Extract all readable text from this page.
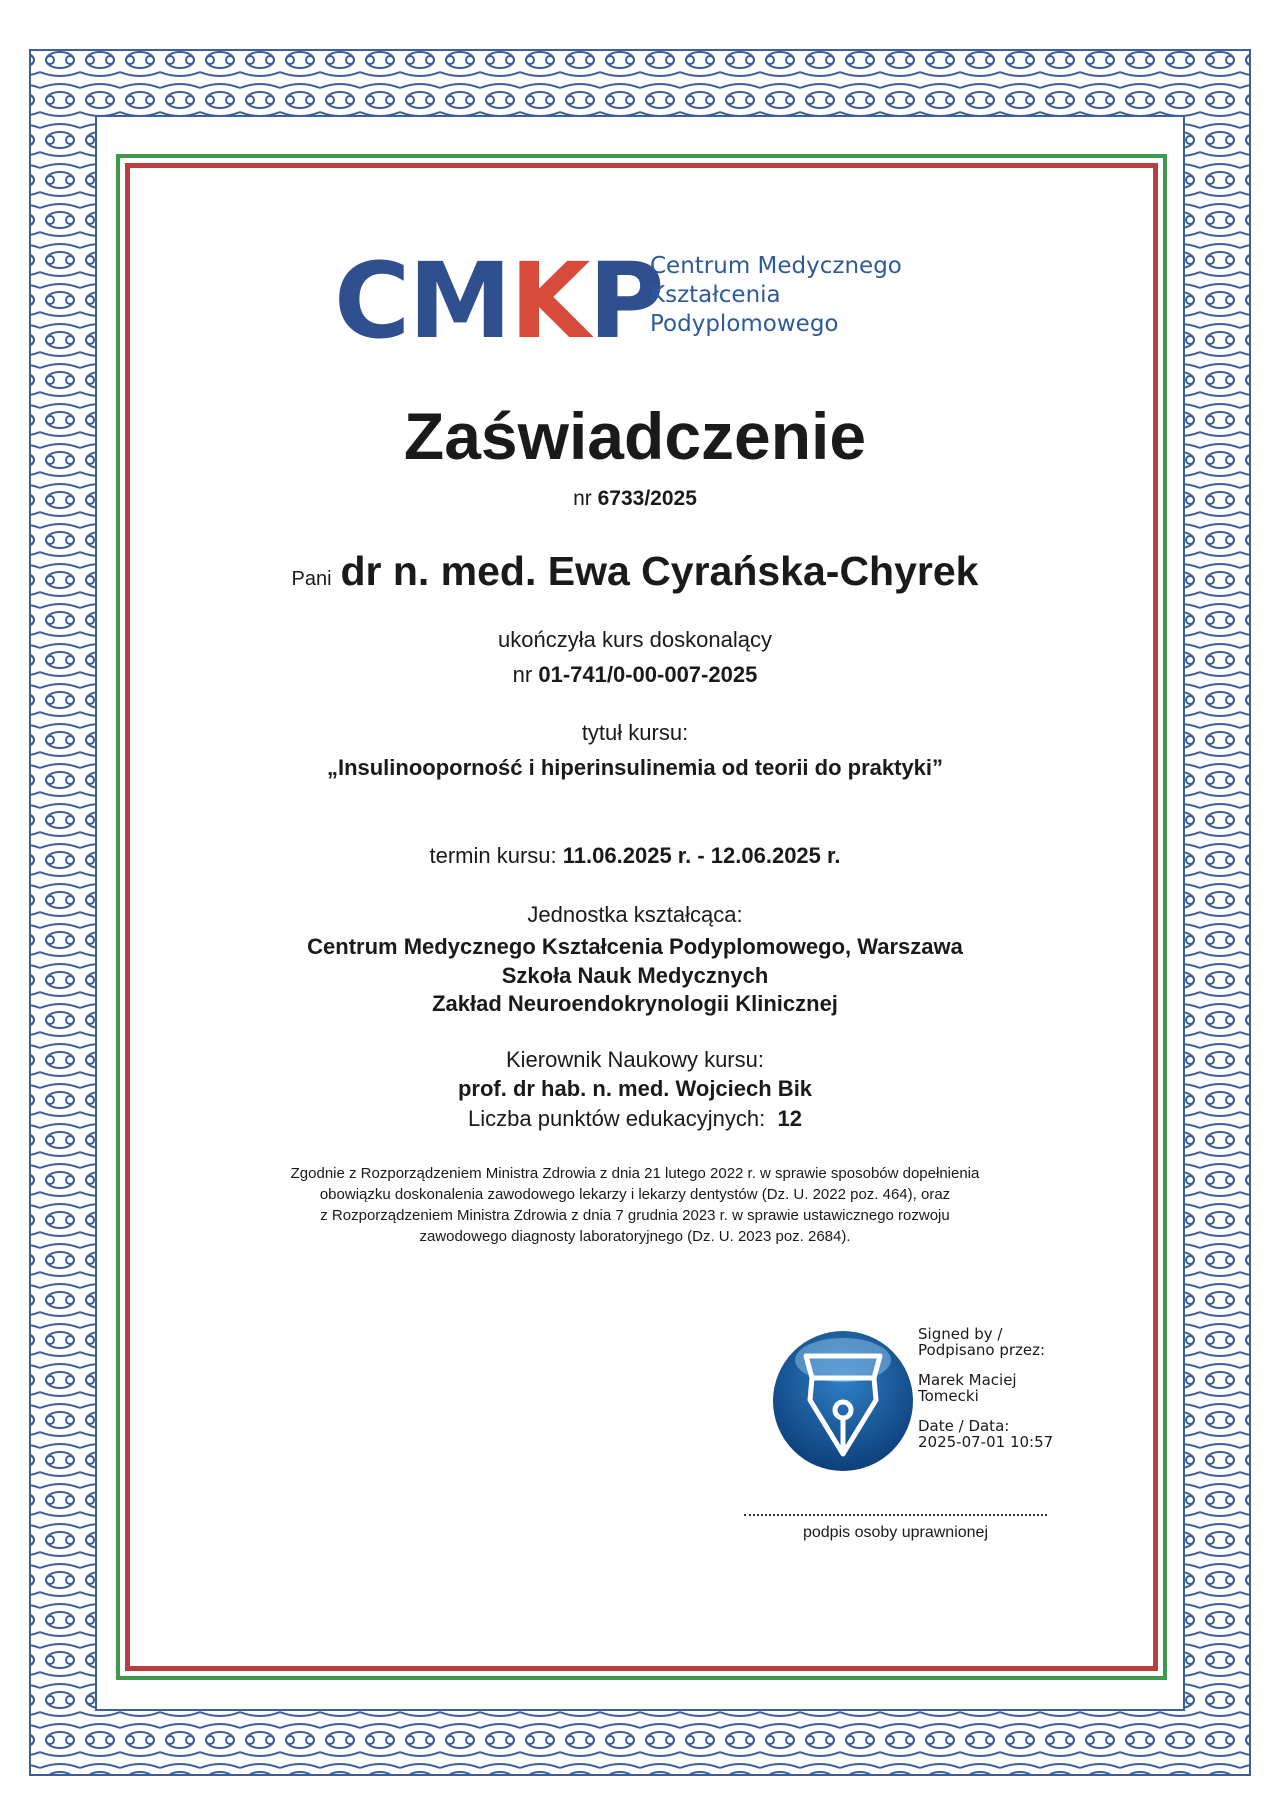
CMKP
Centrum Medycznego
Kształcenia
Podyplomowego
Zaświadczenie
nr 6733/2025
Pani dr n. med. Ewa Cyrańska-Chyrek
ukończyła kurs doskonalący
nr 01-741/0-00-007-2025
tytuł kursu:
„Insulinooporność i hiperinsulinemia od teorii do praktyki”
termin kursu: 11.06.2025 r. - 12.06.2025 r.
Jednostka kształcąca:
Centrum Medycznego Kształcenia Podyplomowego, Warszawa
Szkoła Nauk Medycznych
Zakład Neuroendokrynologii Klinicznej
Kierownik Naukowy kursu:
prof. dr hab. n. med. Wojciech Bik
Liczba punktów edukacyjnych: 12
Zgodnie z Rozporządzeniem Ministra Zdrowia z dnia 21 lutego 2022 r. w sprawie sposobów dopełnienia
obowiązku doskonalenia zawodowego lekarzy i lekarzy dentystów (Dz. U. 2022 poz. 464), oraz
z Rozporządzeniem Ministra Zdrowia z dnia 7 grudnia 2023 r. w sprawie ustawicznego rozwoju
zawodowego diagnosty laboratoryjnego (Dz. U. 2023 poz. 2684).
Signed by /
Podpisano przez:
Marek Maciej
Tomecki
Date / Data:
2025-07-01 10:57
podpis osoby uprawnionej
